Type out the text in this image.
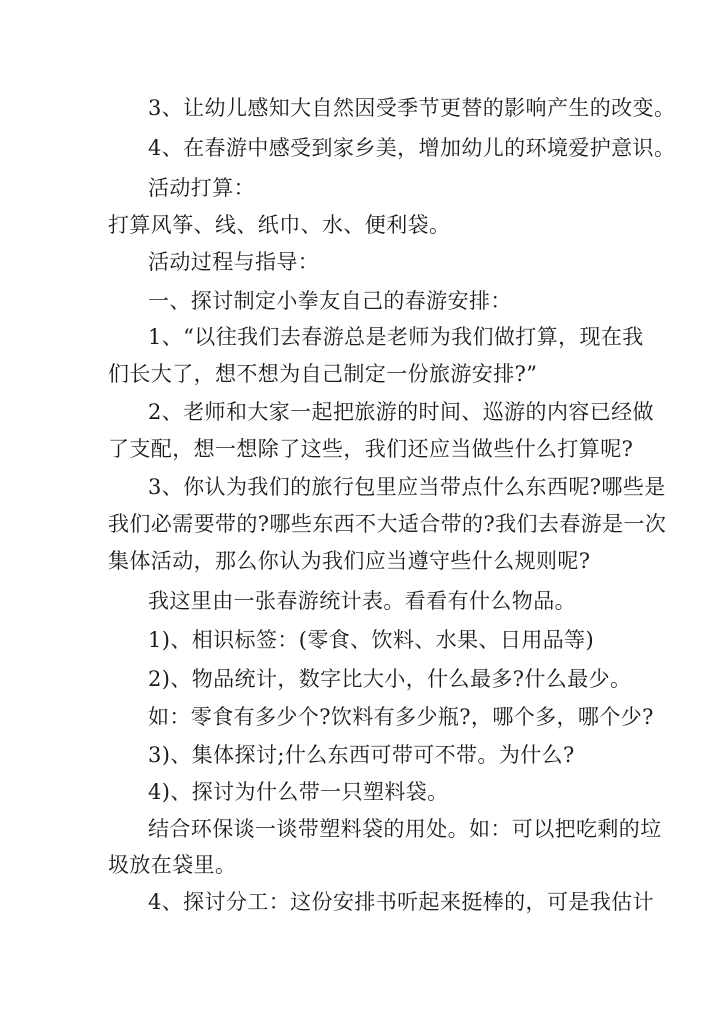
3、让幼儿感知大自然因受季节更替的影响产生的改变。
4、在春游中感受到家乡美，增加幼儿的环境爱护意识。
活动打算：
打算风筝、线、纸巾、水、便利袋。
活动过程与指导：
一、探讨制定小拳友自己的春游安排：
1、“以往我们去春游总是老师为我们做打算，现在我
们长大了，想不想为自己制定一份旅游安排?”
2、老师和大家一起把旅游的时间、巡游的内容已经做
了支配，想一想除了这些，我们还应当做些什么打算呢?
3、你认为我们的旅行包里应当带点什么东西呢?哪些是
我们必需要带的?哪些东西不大适合带的?我们去春游是一次
集体活动，那么你认为我们应当遵守些什么规则呢?
我这里由一张春游统计表。看看有什么物品。
1)、相识标签：(零食、饮料、水果、日用品等)
2)、物品统计，数字比大小，什么最多?什么最少。
如：零食有多少个?饮料有多少瓶?，哪个多，哪个少?
3)、集体探讨;什么东西可带可不带。为什么?
4)、探讨为什么带一只塑料袋。
结合环保谈一谈带塑料袋的用处。如：可以把吃剩的垃
圾放在袋里。
4、探讨分工：这份安排书听起来挺棒的，可是我估计
